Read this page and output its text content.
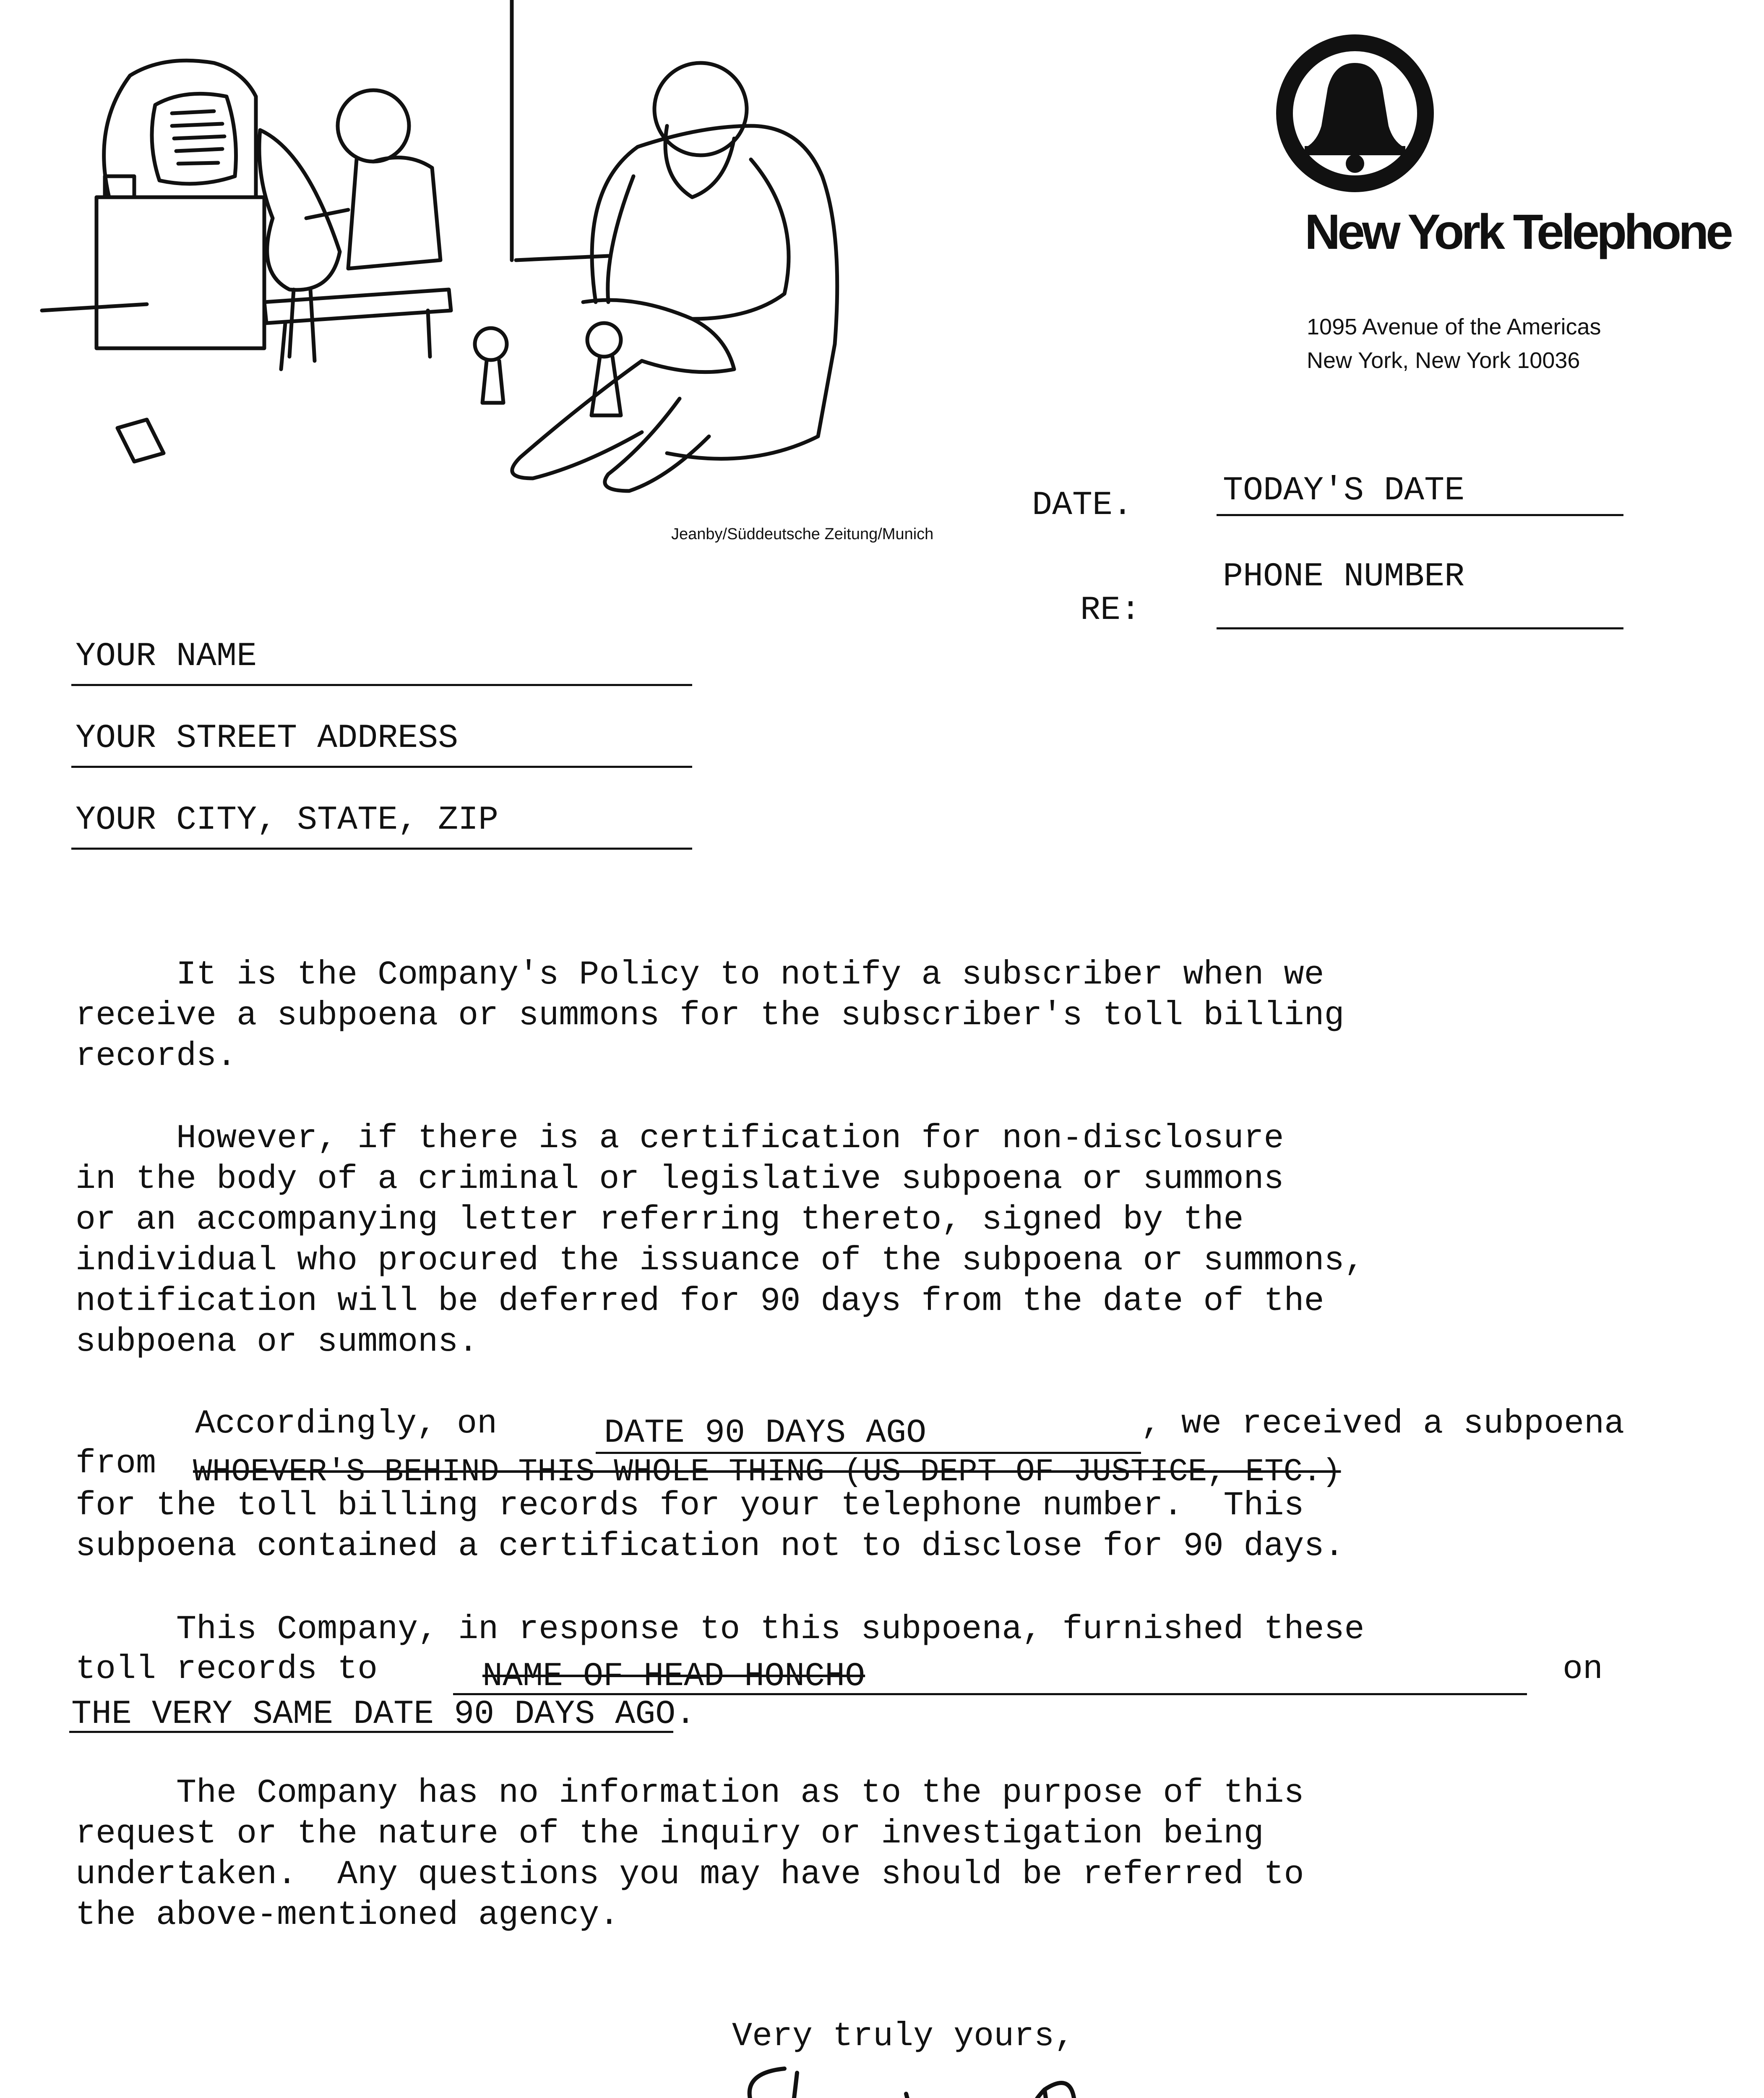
New York Telephone
1095 Avenue of the Americas
New York, New York 10036
Jeanby/Süddeutsche Zeitung/Munich
DATE.	TODAY'S DATE
RE:
PHONE NUMBER
YOUR NAME
YOUR STREET ADDRESS
YOUR CITY, STATE, ZIP
It is the Company's Policy to notify a subscriber when we
receive a subpoena or summons for the subscriber's toll billing
records.
However, if there is a certification for non-disclosure
in the body of a criminal or legislative subpoena or summons
or an accompanying letter referring thereto, signed by the
individual who procured the issuance of the subpoena or summons,
notification will be deferred for 90 days from the date of the
subpoena or summons.
Accordingly, on	DATE 90 DAYS AGO	, we received a subpoena
from WHOEVER'S BEHIND THIS WHOLE THING (US DEPT OF JUSTICE, ETC.)
for the toll billing records for your telephone number.  This
subpoena contained a certification not to disclose for 90 days.
This Company, in response to this subpoena, furnished these
toll records to	NAME OF HEAD HONCHO	on
THE VERY SAME DATE 90 DAYS AGO.
The Company has no information as to the purpose of this
request or the nature of the inquiry or investigation being
undertaken.  Any questions you may have should be referred to
the above-mentioned agency.
Very truly yours,
